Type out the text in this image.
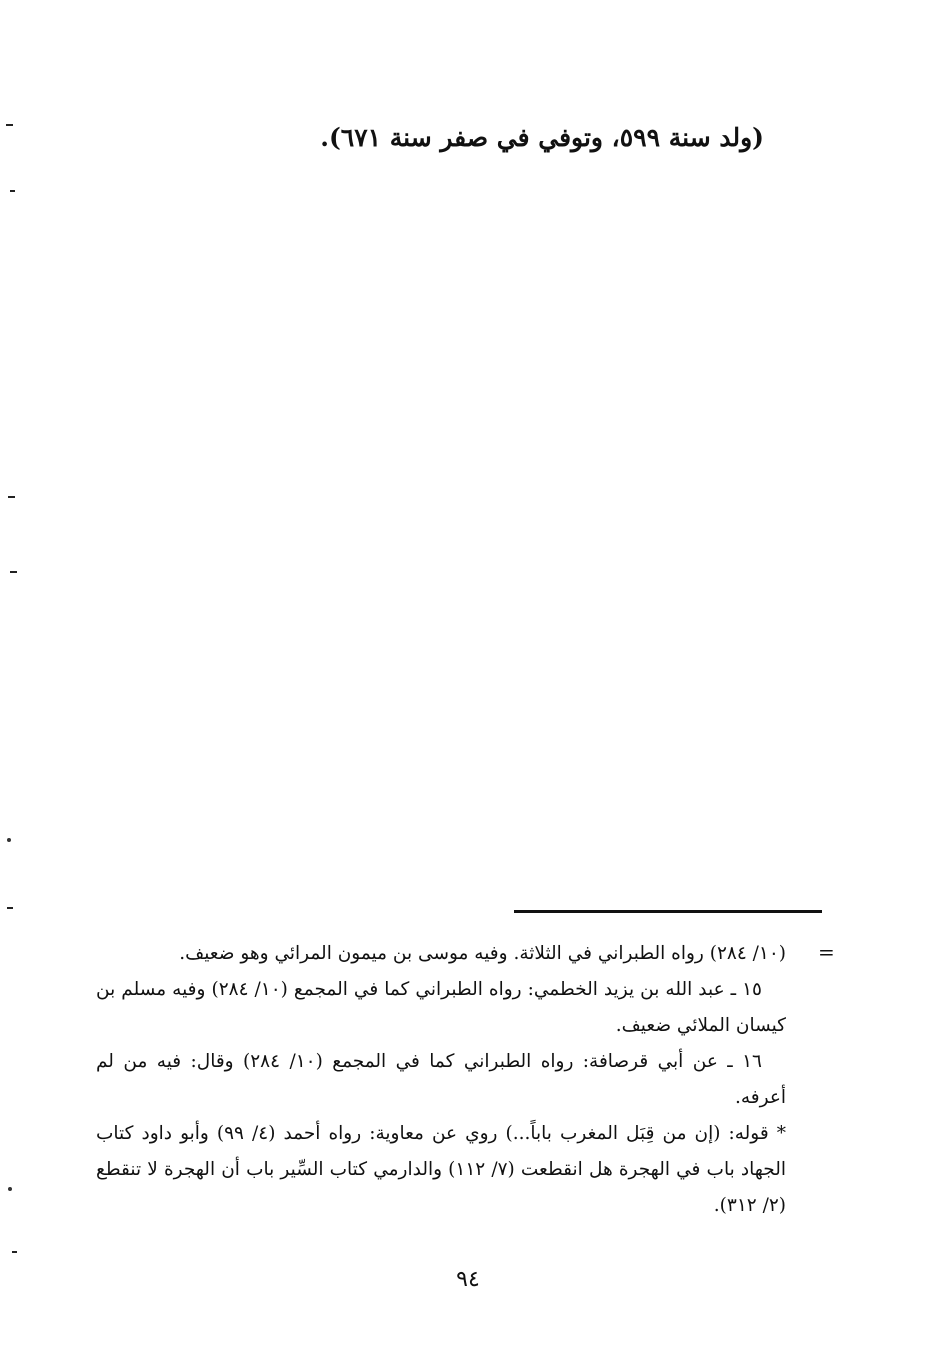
(ولد سنة ٥٩٩، وتوفي في صفر سنة ٦٧١).
=

(١٠/ ٢٨٤) رواه الطبراني في الثلاثة. وفيه موسى بن ميمون المرائي وهو ضعيف.

١٥ ـ عبد الله بن يزيد الخطمي: رواه الطبراني كما في المجمع (١٠/ ٢٨٤) وفيه مسلم بن كيسان الملائي ضعيف.

١٦ ـ عن أبي قرصافة: رواه الطبراني كما في المجمع (١٠/ ٢٨٤) وقال: فيه من لم أعرفه.

* قوله: (إن من قِبَل المغرب باباً...) روي عن معاوية: رواه أحمد (٤/ ٩٩) وأبو داود كتاب الجهاد باب في الهجرة هل انقطعت (٧/ ١١٢) والدارمي كتاب السِّير باب أن الهجرة لا تنقطع (٢/ ٣١٢).

٩٤
